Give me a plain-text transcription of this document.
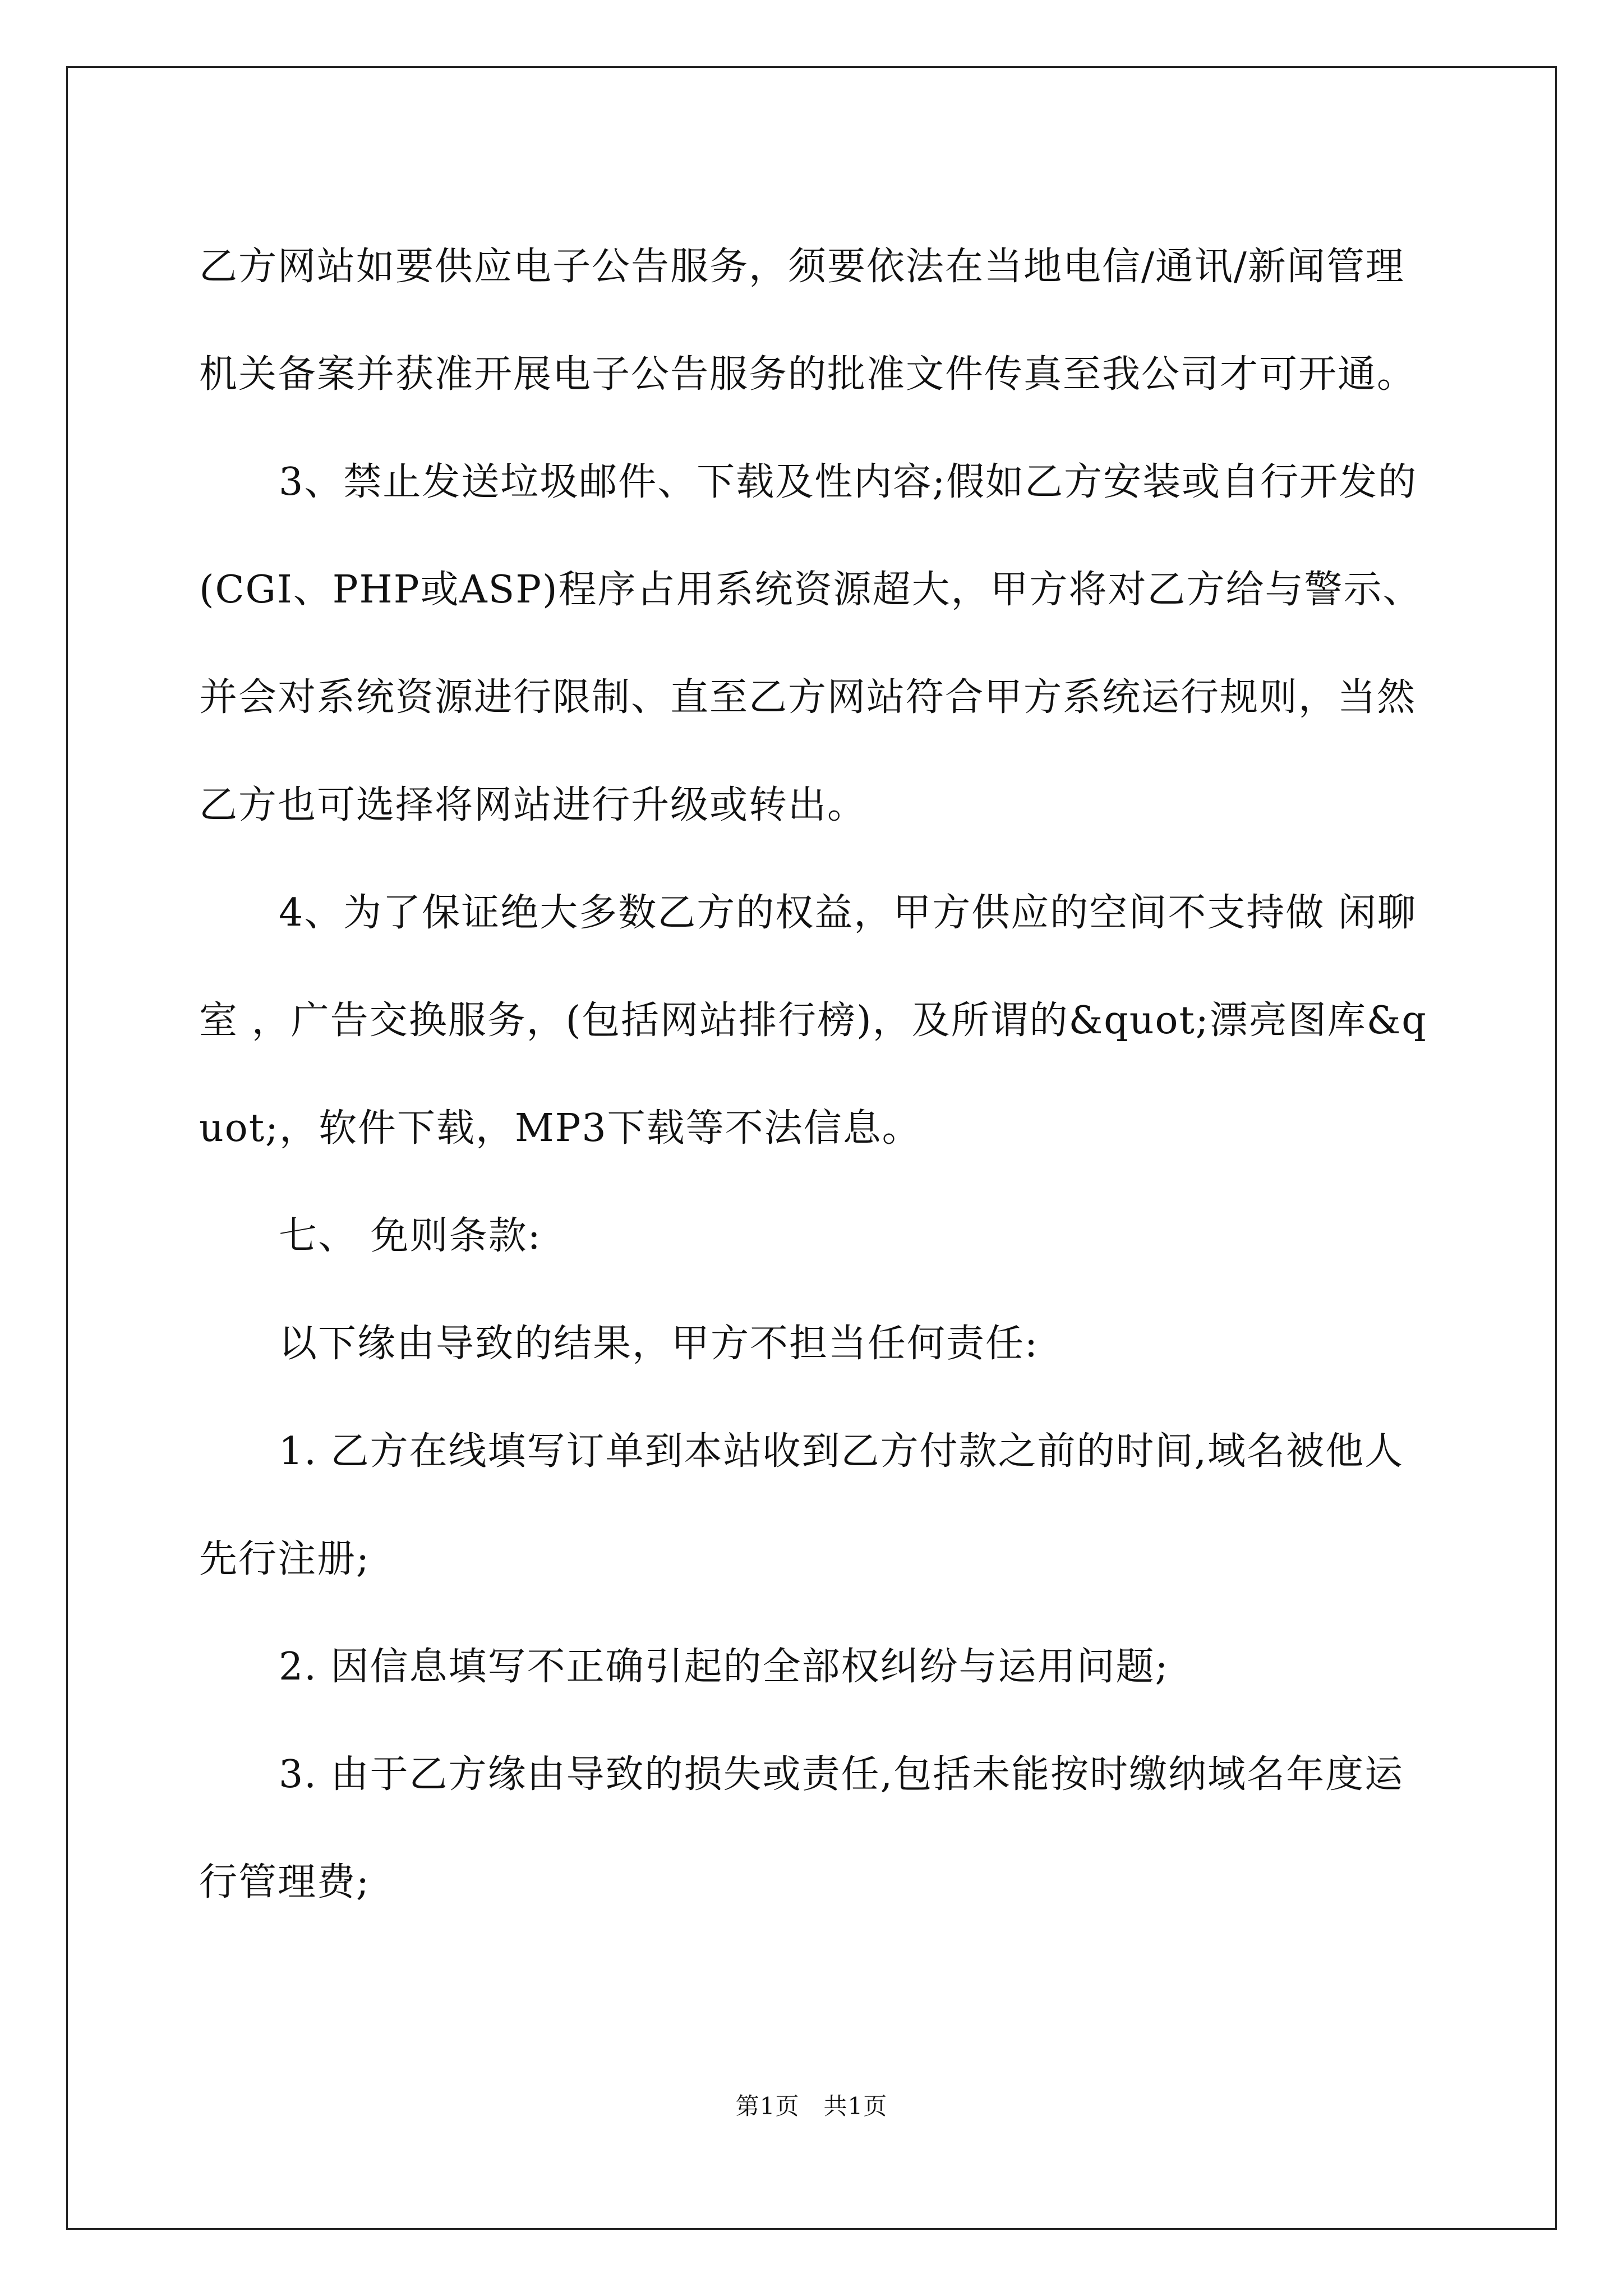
乙方网站如要供应电子公告服务，须要依法在当地电信/通讯/新闻管理机关备案并获准开展电子公告服务的批准文件传真至我公司才可开通。

3、禁止发送垃圾邮件、下载及性内容;假如乙方安装或自行开发的(CGI、PHP或ASP)程序占用系统资源超大，甲方将对乙方给与警示、并会对系统资源进行限制、直至乙方网站符合甲方系统运行规则，当然乙方也可选择将网站进行升级或转出。

4、为了保证绝大多数乙方的权益，甲方供应的空间不支持做 闲聊室 ，广告交换服务，(包括网站排行榜)，及所谓的&quot;漂亮图库&quot;，软件下载，MP3下载等不法信息。

七、 免则条款:

以下缘由导致的结果，甲方不担当任何责任:

1. 乙方在线填写订单到本站收到乙方付款之前的时间,域名被他人先行注册;

2. 因信息填写不正确引起的全部权纠纷与运用问题;

3. 由于乙方缘由导致的损失或责任,包括未能按时缴纳域名年度运行管理费;

第1页　共1页
